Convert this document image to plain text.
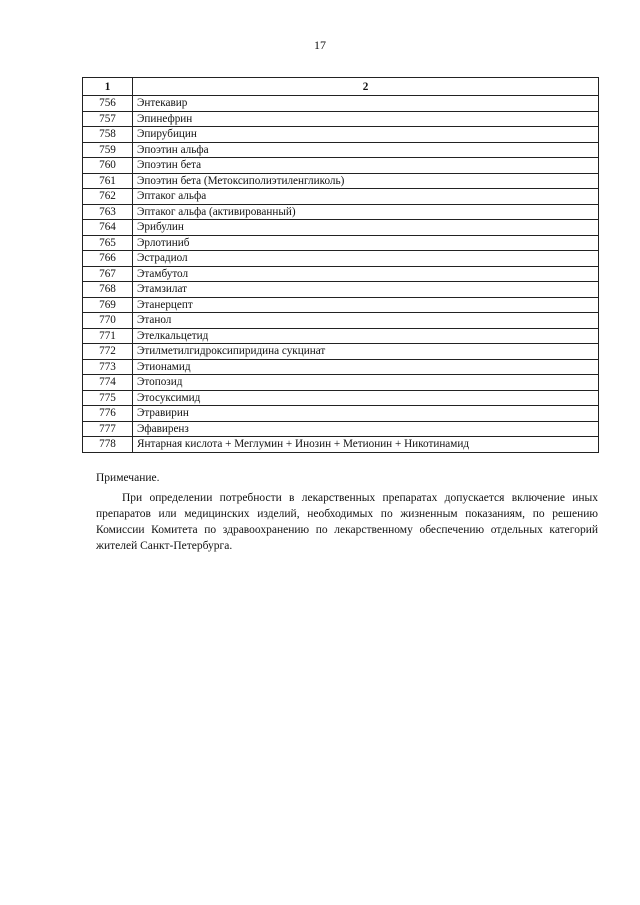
17
1	2
756	Энтекавир
757	Эпинефрин
758	Эпирубицин
759	Эпоэтин альфа
760	Эпоэтин бета
761	Эпоэтин бета (Метоксиполиэтиленгликоль)
762	Эптаког альфа
763	Эптаког альфа (активированный)
764	Эрибулин
765	Эрлотиниб
766	Эстрадиол
767	Этамбутол
768	Этамзилат
769	Этанерцепт
770	Этанол
771	Этелкальцетид
772	Этилметилгидроксипиридина сукцинат
773	Этионамид
774	Этопозид
775	Этосуксимид
776	Этравирин
777	Эфавиренз
778	Янтарная кислота + Меглумин + Инозин + Метионин + Никотинамид

Примечание.

При определении потребности в лекарственных препаратах допускается включение иных препаратов или медицинских изделий, необходимых по жизненным показаниям, по решению Комиссии Комитета по здравоохранению по лекарственному обеспечению отдельных категорий жителей Санкт-Петербурга.
